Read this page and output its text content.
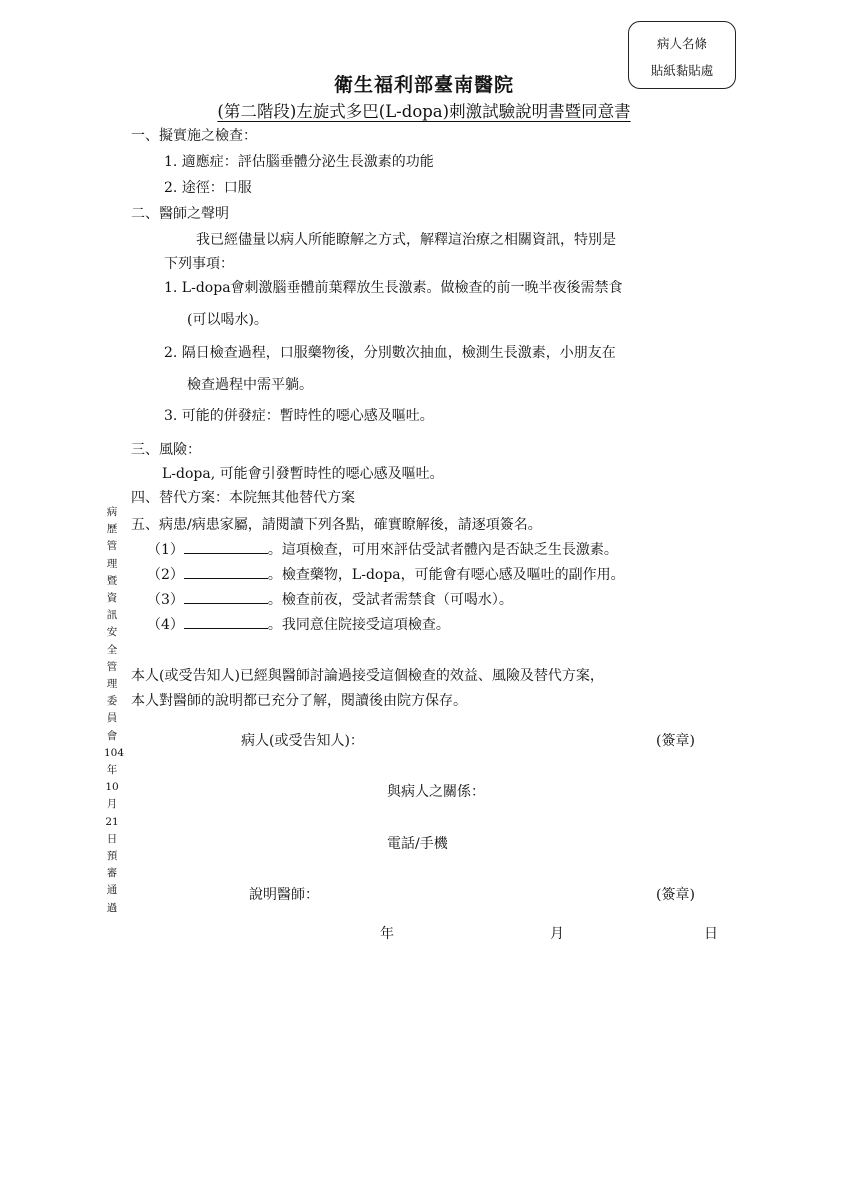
病人名條
貼紙黏貼處
衛生福利部臺南醫院
(第二階段)左旋式多巴(L-dopa)刺激試驗說明書暨同意書
一、擬實施之檢查：
1. 適應症：評估腦垂體分泌生長激素的功能
2. 途徑：口服
二、醫師之聲明
我已經儘量以病人所能瞭解之方式，解釋這治療之相關資訊，特別是
下列事項：
1. L-dopa會刺激腦垂體前葉釋放生長激素。做檢查的前一晚半夜後需禁食
(可以喝水)。
2. 隔日檢查過程，口服藥物後，分別數次抽血，檢測生長激素，小朋友在
檢查過程中需平躺。
3. 可能的併發症：暫時性的噁心感及嘔吐。
三、風險：
L-dopa, 可能會引發暫時性的噁心感及嘔吐。
四、替代方案：本院無其他替代方案
五、病患/病患家屬，請閱讀下列各點，確實瞭解後，請逐項簽名。
（1）	。這項檢查，可用來評估受試者體內是否缺乏生長激素。
（2）	。檢查藥物，L-dopa，可能會有噁心感及嘔吐的副作用。
（3）	。檢查前夜，受試者需禁食（可喝水）。
（4）	。我同意住院接受這項檢查。
本人(或受告知人)已經與醫師討論過接受這個檢查的效益、風險及替代方案，
本人對醫師的說明都已充分了解，閱讀後由院方保存。
病人(或受告知人)：	(簽章)
與病人之關係：
電話/手機
說明醫師：	(簽章)
年	月	日
病
歷
管
理
暨
資
訊
安
全
管
理
委
員
會
104
年
10
月
21
日
預
審
通
過
